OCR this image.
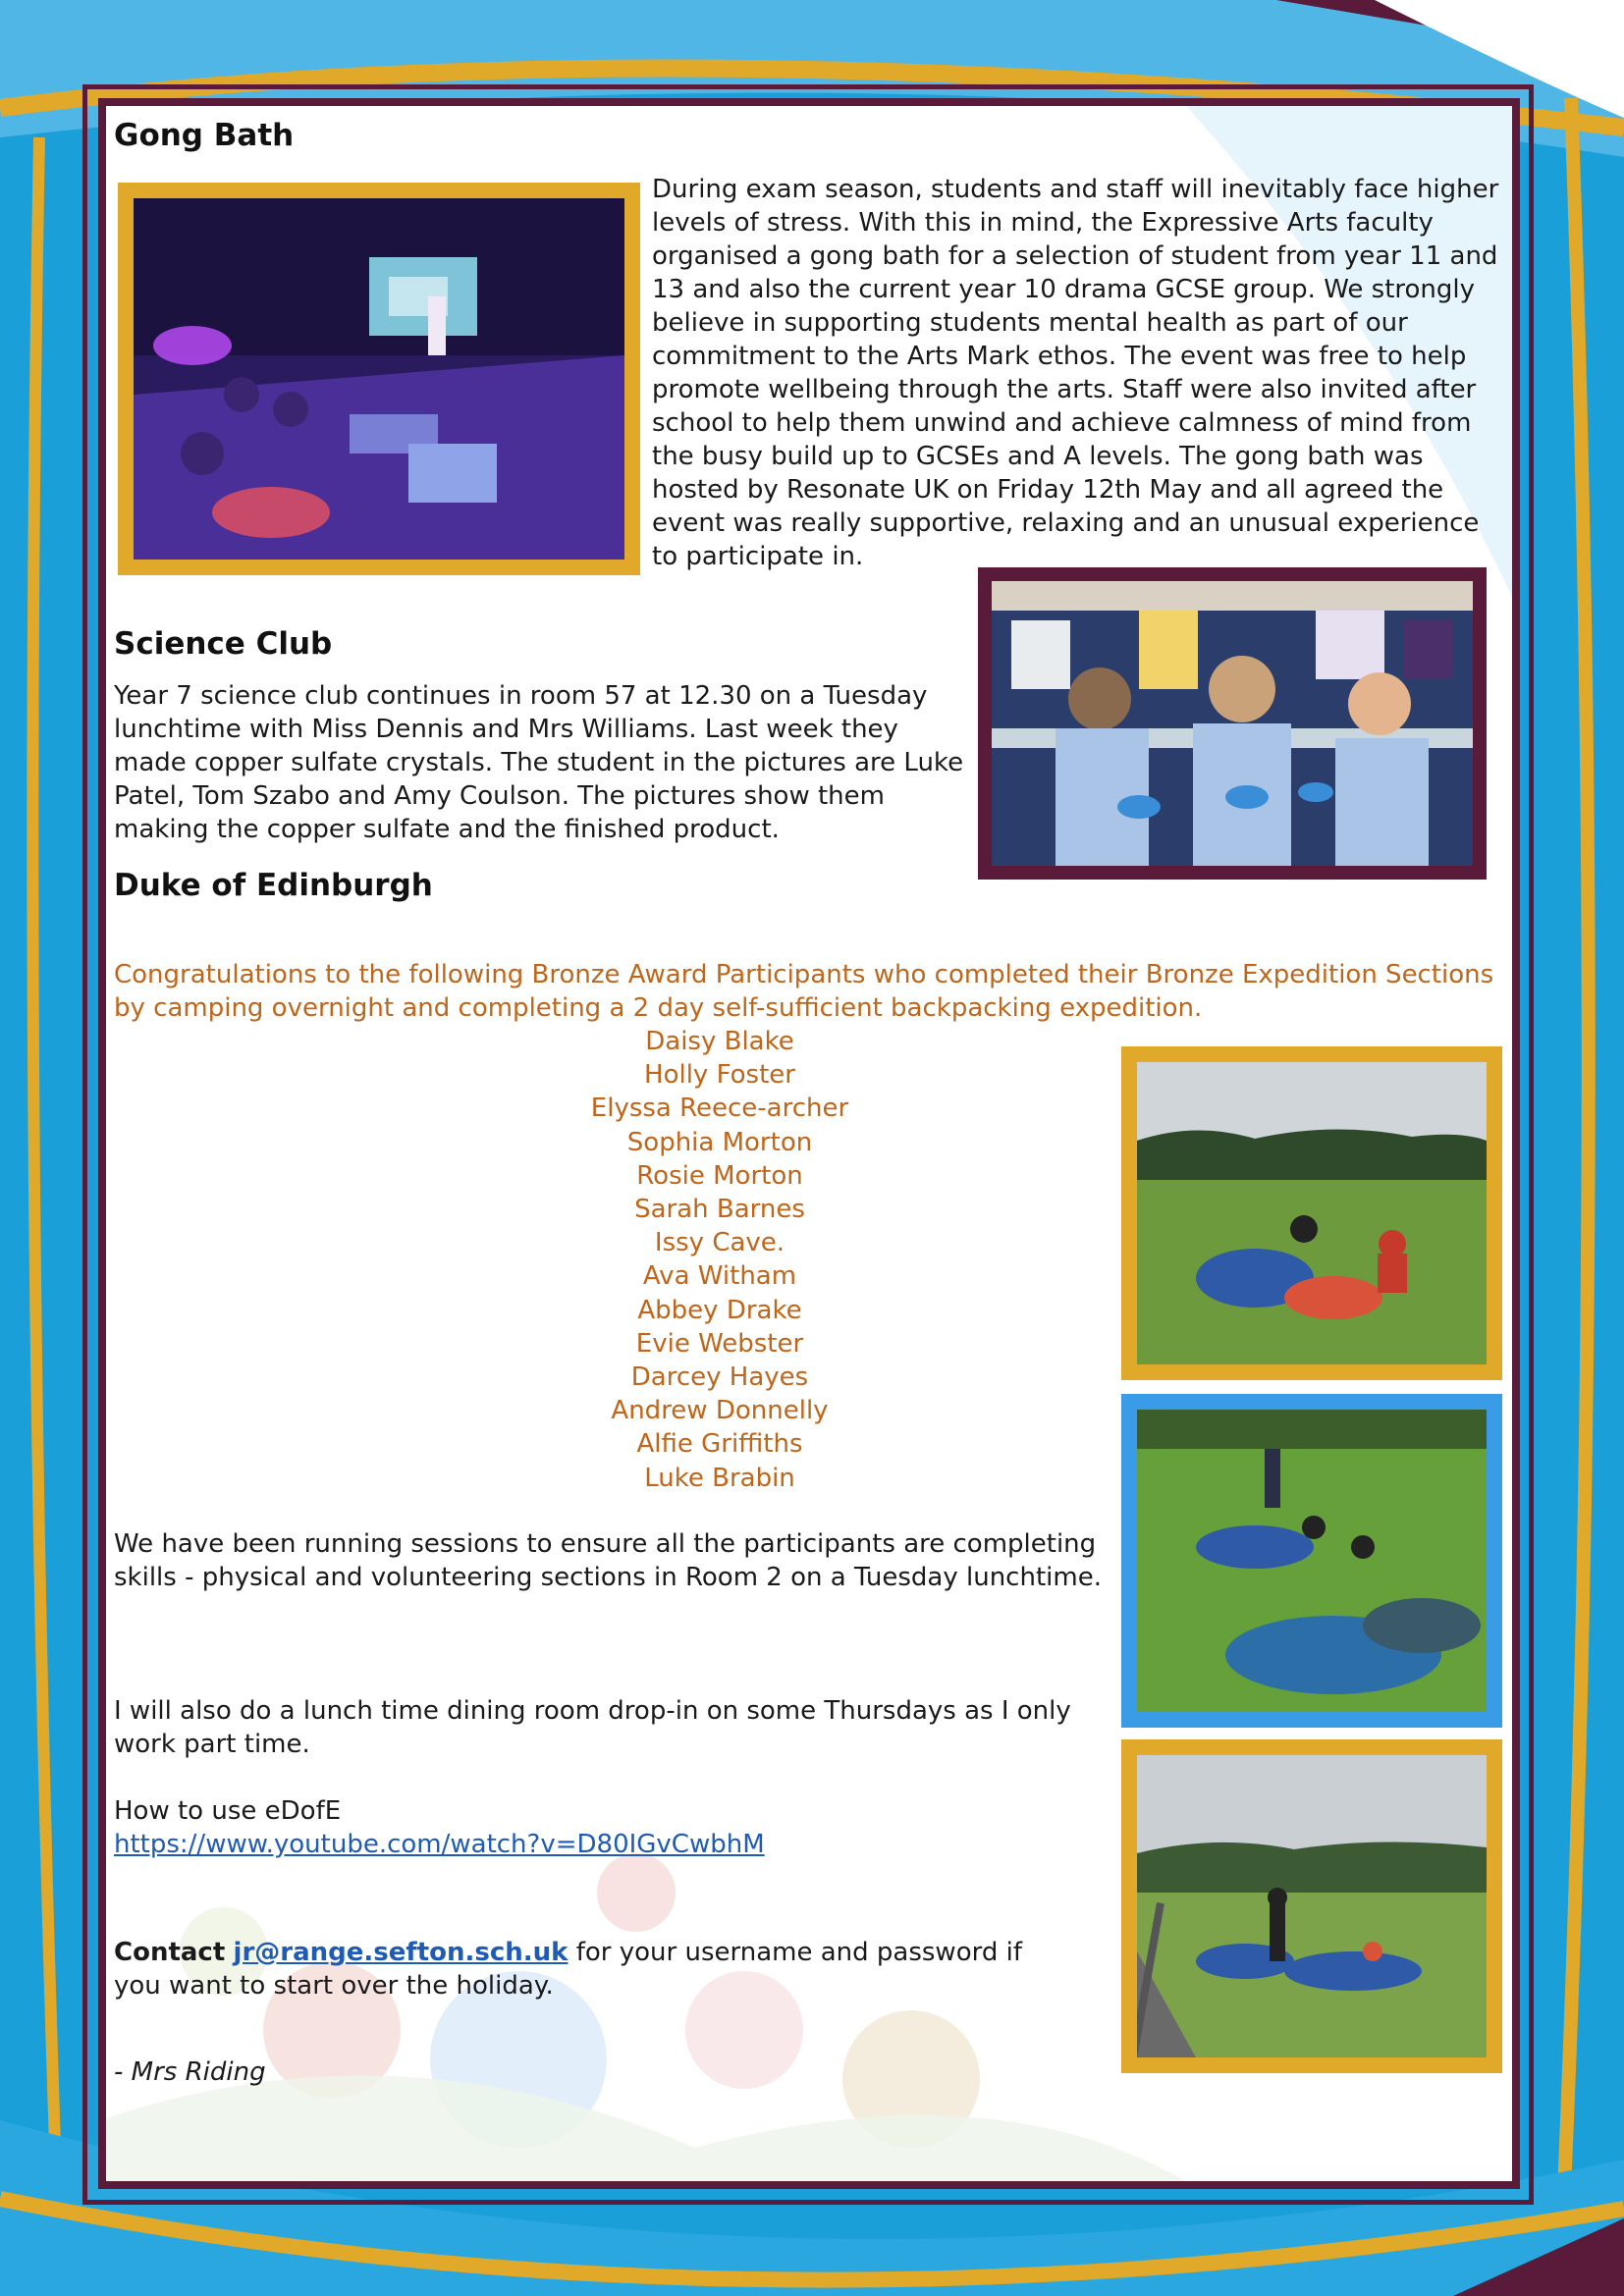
Gong Bath

During exam season, students and staff will inevitably face higher levels of stress. With this in mind, the Expressive Arts faculty organised a gong bath for a selection of student from year 11 and 13 and also the current year 10 drama GCSE group. We strongly believe in supporting students mental health as part of our commitment to the Arts Mark ethos. The event was free to help promote wellbeing through the arts. Staff were also invited after school to help them unwind and achieve calmness of mind from the busy build up to GCSEs and A levels. The gong bath was hosted by Resonate UK on Friday 12th May and all agreed the event was really supportive, relaxing and an unusual experience to participate in.

Science Club

Year 7 science club continues in room 57 at 12.30 on a Tuesday lunchtime with Miss Dennis and Mrs Williams. Last week they made copper sulfate crystals. The student in the pictures are Luke Patel, Tom Szabo and Amy Coulson. The pictures show them making the copper sulfate and the finished product.

Duke of Edinburgh

Congratulations to the following Bronze Award Participants who completed their Bronze Expedition Sections by camping overnight and completing a 2 day self-sufficient backpacking expedition.

Daisy Blake
Holly Foster
Elyssa Reece-archer
Sophia Morton
Rosie Morton
Sarah Barnes
Issy Cave.
Ava Witham
Abbey Drake
Evie Webster
Darcey Hayes
Andrew Donnelly
Alfie Griffiths
Luke Brabin

We have been running sessions to ensure all the participants are completing skills - physical and volunteering sections in Room 2 on a Tuesday lunchtime.

I will also do a lunch time dining room drop-in on some Thursdays as I only work part time.

How to use eDofE

https://www.youtube.com/watch?v=D80IGvCwbhM

Contact jr@range.sefton.sch.uk for your username and password if you want to start over the holiday.

- Mrs Riding
